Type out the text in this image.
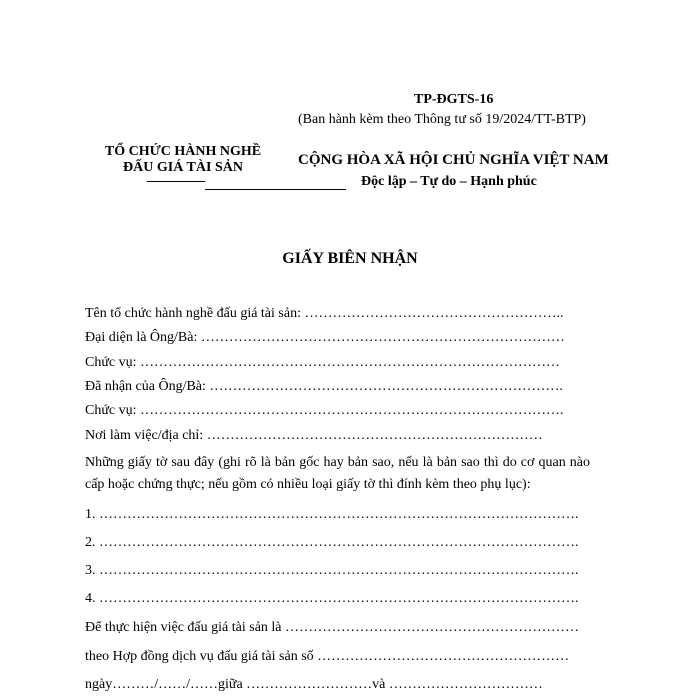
TP-ĐGTS-16
(Ban hành kèm theo Thông tư số 19/2024/TT-BTP)
TỔ CHỨC HÀNH NGHỀ
ĐẤU GIÁ TÀI SẢN	CỘNG HÒA XÃ HỘI CHỦ NGHĨA VIỆT NAM
Độc lập – Tự do – Hạnh phúc
GIẤY BIÊN NHẬN
Tên tổ chức hành nghề đấu giá tài sản: ………………………………………………..
Đại diện là Ông/Bà: ……………………………………………………………………
Chức vụ: ………………………………………………………………………………
Đã nhận của Ông/Bà: ………………………………………………………………….
Chức vụ: ……………………………………………………………………………….
Nơi làm việc/địa chỉ: ………………………………………………………………
Những giấy tờ sau đây (ghi rõ là bản gốc hay bản sao, nếu là bản sao thì do cơ quan nào cấp hoặc chứng thực; nếu gồm có nhiều loại giấy tờ thì đính kèm theo phụ lục):
1. ………………………………………………………………………………………….
2. ………………………………………………………………………………………….
3. ………………………………………………………………………………………….
4. ………………………………………………………………………………………….
Để thực hiện việc đấu giá tài sản là ………………………………………………………
theo Hợp đồng dịch vụ đấu giá tài sản số ………………………………………………
ngày………/……/……giữa ………………………và ……………………………
